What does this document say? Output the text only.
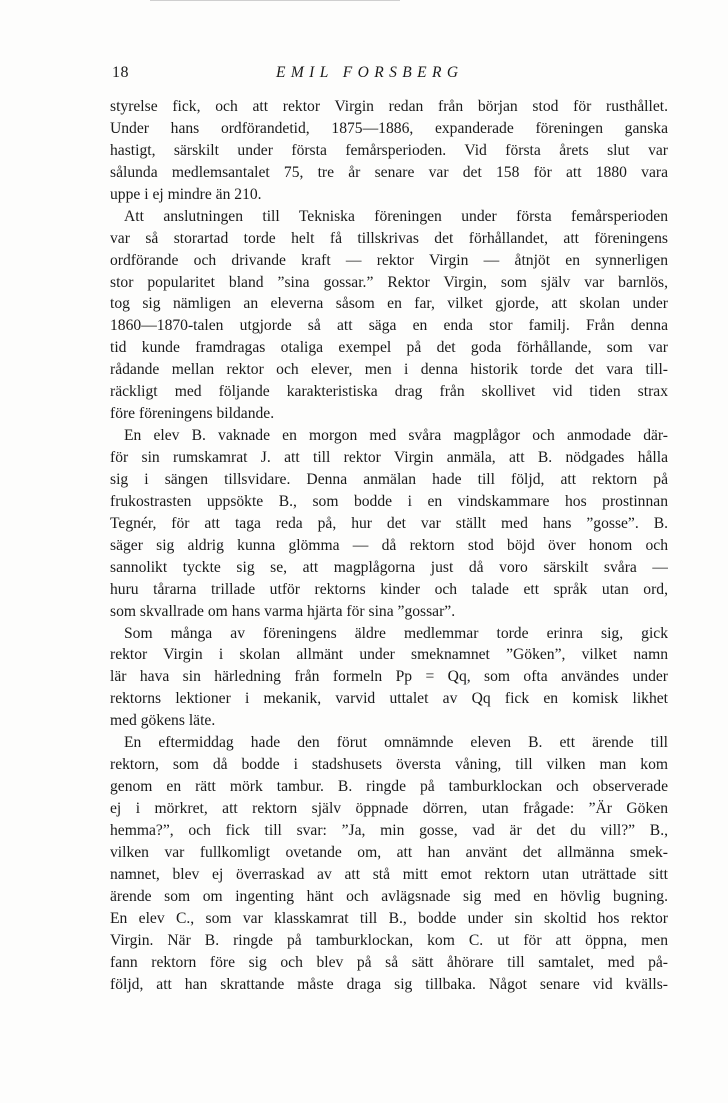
18	EMIL FORSBERG
styrelse fick, och att rektor Virgin redan från början stod för rusthållet.
Under hans ordförandetid, 1875—1886, expanderade föreningen ganska
hastigt, särskilt under första femårsperioden. Vid första årets slut var
sålunda medlemsantalet 75, tre år senare var det 158 för att 1880 vara
uppe i ej mindre än 210.
Att anslutningen till Tekniska föreningen under första femårsperioden
var så storartad torde helt få tillskrivas det förhållandet, att föreningens
ordförande och drivande kraft — rektor Virgin — åtnjöt en synnerligen
stor popularitet bland ”sina gossar.” Rektor Virgin, som själv var barnlös,
tog sig nämligen an eleverna såsom en far, vilket gjorde, att skolan under
1860—1870-talen utgjorde så att säga en enda stor familj. Från denna
tid kunde framdragas otaliga exempel på det goda förhållande, som var
rådande mellan rektor och elever, men i denna historik torde det vara till-
räckligt med följande karakteristiska drag från skollivet vid tiden strax
före föreningens bildande.
En elev B. vaknade en morgon med svåra magplågor och anmodade där-
för sin rumskamrat J. att till rektor Virgin anmäla, att B. nödgades hålla
sig i sängen tillsvidare. Denna anmälan hade till följd, att rektorn på
frukostrasten uppsökte B., som bodde i en vindskammare hos prostinnan
Tegnér, för att taga reda på, hur det var ställt med hans ”gosse”. B.
säger sig aldrig kunna glömma — då rektorn stod böjd över honom och
sannolikt tyckte sig se, att magplågorna just då voro särskilt svåra —
huru tårarna trillade utför rektorns kinder och talade ett språk utan ord,
som skvallrade om hans varma hjärta för sina ”gossar”.
Som många av föreningens äldre medlemmar torde erinra sig, gick
rektor Virgin i skolan allmänt under smeknamnet ”Göken”, vilket namn
lär hava sin härledning från formeln Pp = Qq, som ofta användes under
rektorns lektioner i mekanik, varvid uttalet av Qq fick en komisk likhet
med gökens läte.
En eftermiddag hade den förut omnämnde eleven B. ett ärende till
rektorn, som då bodde i stadshusets översta våning, till vilken man kom
genom en rätt mörk tambur. B. ringde på tamburklockan och observerade
ej i mörkret, att rektorn själv öppnade dörren, utan frågade: ”Är Göken
hemma?”, och fick till svar: ”Ja, min gosse, vad är det du vill?” B.,
vilken var fullkomligt ovetande om, att han använt det allmänna smek-
namnet, blev ej överraskad av att stå mitt emot rektorn utan uträttade sitt
ärende som om ingenting hänt och avlägsnade sig med en hövlig bugning.
En elev C., som var klasskamrat till B., bodde under sin skoltid hos rektor
Virgin. När B. ringde på tamburklockan, kom C. ut för att öppna, men
fann rektorn före sig och blev på så sätt åhörare till samtalet, med på-
följd, att han skrattande måste draga sig tillbaka. Något senare vid kvälls-
